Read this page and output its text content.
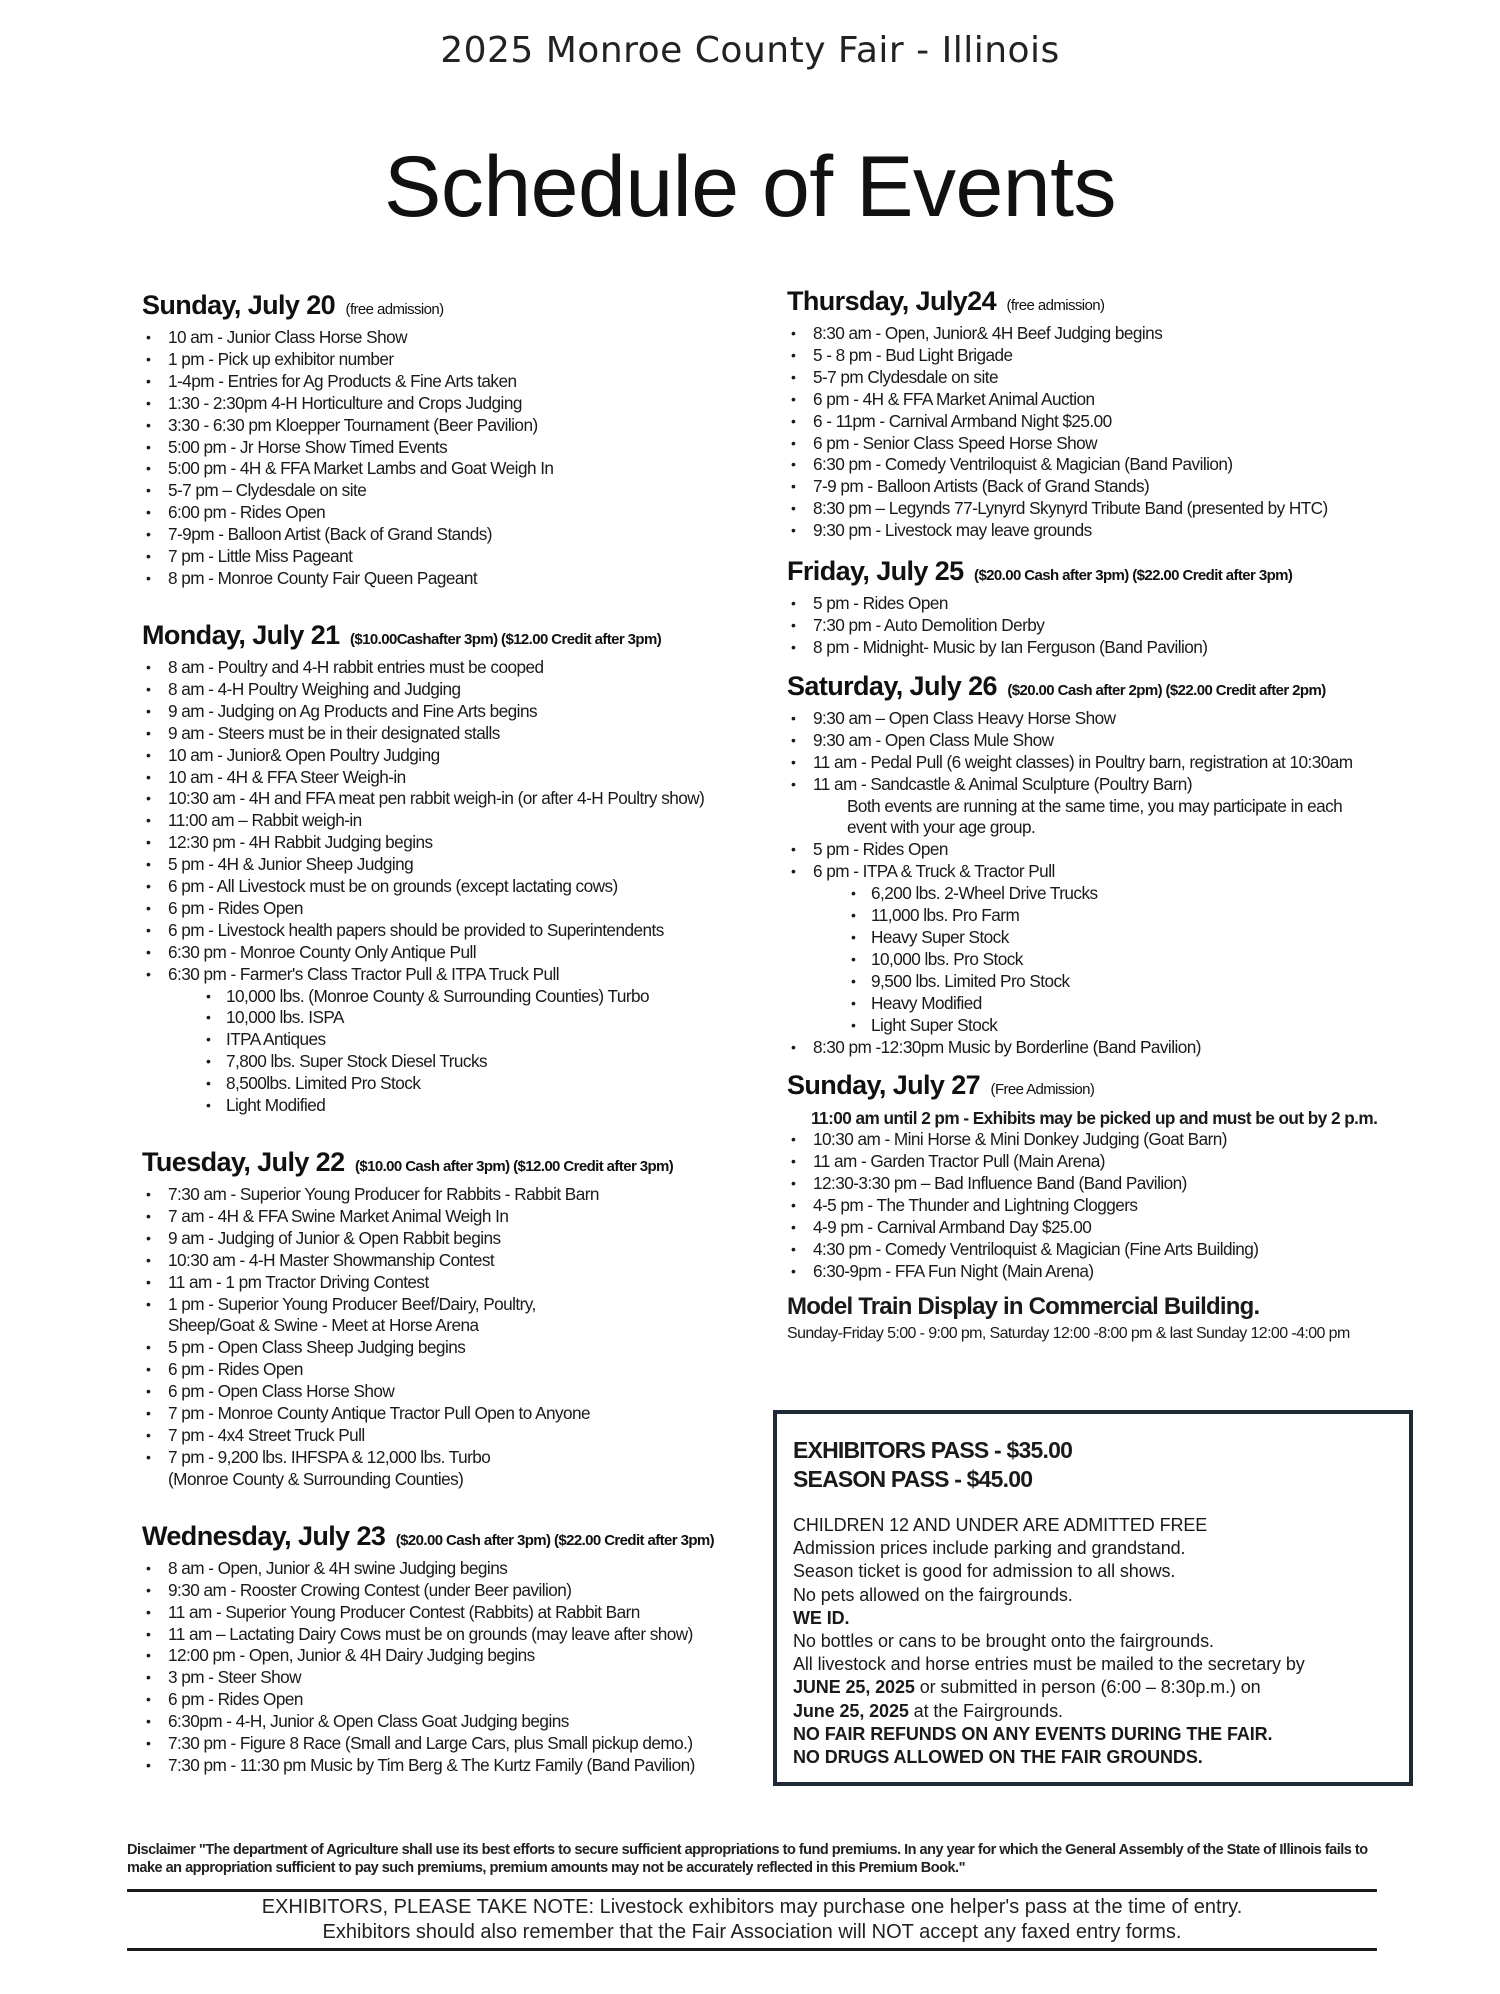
2025 Monroe County Fair - Illinois
Schedule of Events
Sunday, July 20 (free admission)
• 10 am - Junior Class Horse Show
• 1 pm - Pick up exhibitor number
• 1-4pm - Entries for Ag Products & Fine Arts taken
• 1:30 - 2:30pm 4-H Horticulture and Crops Judging
• 3:30 - 6:30 pm Kloepper Tournament (Beer Pavilion)
• 5:00 pm - Jr Horse Show Timed Events
• 5:00 pm - 4H & FFA Market Lambs and Goat Weigh In
• 5-7 pm – Clydesdale on site
• 6:00 pm - Rides Open
• 7-9pm - Balloon Artist (Back of Grand Stands)
• 7 pm - Little Miss Pageant
• 8 pm - Monroe County Fair Queen Pageant
Monday, July 21 ($10.00Cashafter 3pm) ($12.00 Credit after 3pm)
• 8 am - Poultry and 4-H rabbit entries must be cooped
• 8 am - 4-H Poultry Weighing and Judging
• 9 am - Judging on Ag Products and Fine Arts begins
• 9 am - Steers must be in their designated stalls
• 10 am - Junior& Open Poultry Judging
• 10 am - 4H & FFA Steer Weigh-in
• 10:30 am - 4H and FFA meat pen rabbit weigh-in (or after 4-H Poultry show)
• 11:00 am – Rabbit weigh-in
• 12:30 pm - 4H Rabbit Judging begins
• 5 pm - 4H & Junior Sheep Judging
• 6 pm - All Livestock must be on grounds (except lactating cows)
• 6 pm - Rides Open
• 6 pm - Livestock health papers should be provided to Superintendents
• 6:30 pm - Monroe County Only Antique Pull
• 6:30 pm - Farmer's Class Tractor Pull & ITPA Truck Pull
• 10,000 lbs. (Monroe County & Surrounding Counties) Turbo
• 10,000 lbs. ISPA
• ITPA Antiques
• 7,800 lbs. Super Stock Diesel Trucks
• 8,500lbs. Limited Pro Stock
• Light Modified
Tuesday, July 22 ($10.00 Cash after 3pm) ($12.00 Credit after 3pm)
• 7:30 am - Superior Young Producer for Rabbits - Rabbit Barn
• 7 am - 4H & FFA Swine Market Animal Weigh In
• 9 am - Judging of Junior & Open Rabbit begins
• 10:30 am - 4-H Master Showmanship Contest
• 11 am - 1 pm Tractor Driving Contest
• 1 pm - Superior Young Producer Beef/Dairy, Poultry,
Sheep/Goat & Swine - Meet at Horse Arena
• 5 pm - Open Class Sheep Judging begins
• 6 pm - Rides Open
• 6 pm - Open Class Horse Show
• 7 pm - Monroe County Antique Tractor Pull Open to Anyone
• 7 pm - 4x4 Street Truck Pull
• 7 pm - 9,200 lbs. IHFSPA & 12,000 lbs. Turbo
(Monroe County & Surrounding Counties)
Wednesday, July 23 ($20.00 Cash after 3pm) ($22.00 Credit after 3pm)
• 8 am - Open, Junior & 4H swine Judging begins
• 9:30 am - Rooster Crowing Contest (under Beer pavilion)
• 11 am - Superior Young Producer Contest (Rabbits) at Rabbit Barn
• 11 am – Lactating Dairy Cows must be on grounds (may leave after show)
• 12:00 pm - Open, Junior & 4H Dairy Judging begins
• 3 pm - Steer Show
• 6 pm - Rides Open
• 6:30pm - 4-H, Junior & Open Class Goat Judging begins
• 7:30 pm - Figure 8 Race (Small and Large Cars, plus Small pickup demo.)
• 7:30 pm - 11:30 pm Music by Tim Berg & The Kurtz Family (Band Pavilion)
Thursday, July24 (free admission)
• 8:30 am - Open, Junior& 4H Beef Judging begins
• 5 - 8 pm - Bud Light Brigade
• 5-7 pm Clydesdale on site
• 6 pm - 4H & FFA Market Animal Auction
• 6 - 11pm - Carnival Armband Night $25.00
• 6 pm - Senior Class Speed Horse Show
• 6:30 pm - Comedy Ventriloquist & Magician (Band Pavilion)
• 7-9 pm - Balloon Artists (Back of Grand Stands)
• 8:30 pm – Legynds 77-Lynyrd Skynyrd Tribute Band (presented by HTC)
• 9:30 pm - Livestock may leave grounds
Friday, July 25 ($20.00 Cash after 3pm) ($22.00 Credit after 3pm)
• 5 pm - Rides Open
• 7:30 pm - Auto Demolition Derby
• 8 pm - Midnight- Music by Ian Ferguson (Band Pavilion)
Saturday, July 26 ($20.00 Cash after 2pm) ($22.00 Credit after 2pm)
• 9:30 am – Open Class Heavy Horse Show
• 9:30 am - Open Class Mule Show
• 11 am - Pedal Pull (6 weight classes) in Poultry barn, registration at 10:30am
• 11 am - Sandcastle & Animal Sculpture (Poultry Barn)
Both events are running at the same time, you may participate in each
event with your age group.
• 5 pm - Rides Open
• 6 pm - ITPA & Truck & Tractor Pull
• 6,200 lbs. 2-Wheel Drive Trucks
• 11,000 lbs. Pro Farm
• Heavy Super Stock
• 10,000 lbs. Pro Stock
• 9,500 lbs. Limited Pro Stock
• Heavy Modified
• Light Super Stock
• 8:30 pm -12:30pm Music by Borderline (Band Pavilion)
Sunday, July 27 (Free Admission)
11:00 am until 2 pm - Exhibits may be picked up and must be out by 2 p.m.
• 10:30 am - Mini Horse & Mini Donkey Judging (Goat Barn)
• 11 am - Garden Tractor Pull (Main Arena)
• 12:30-3:30 pm – Bad Influence Band (Band Pavilion)
• 4-5 pm - The Thunder and Lightning Cloggers
• 4-9 pm - Carnival Armband Day $25.00
• 4:30 pm - Comedy Ventriloquist & Magician (Fine Arts Building)
• 6:30-9pm - FFA Fun Night (Main Arena)
Model Train Display in Commercial Building.
Sunday-Friday 5:00 - 9:00 pm, Saturday 12:00 -8:00 pm & last Sunday 12:00 -4:00 pm
EXHIBITORS PASS - $35.00
SEASON PASS - $45.00
CHILDREN 12 AND UNDER ARE ADMITTED FREE
Admission prices include parking and grandstand.
Season ticket is good for admission to all shows.
No pets allowed on the fairgrounds.
WE ID.
No bottles or cans to be brought onto the fairgrounds.
All livestock and horse entries must be mailed to the secretary by
JUNE 25, 2025 or submitted in person (6:00 – 8:30p.m.) on
June 25, 2025 at the Fairgrounds.
NO FAIR REFUNDS ON ANY EVENTS DURING THE FAIR.
NO DRUGS ALLOWED ON THE FAIR GROUNDS.
Disclaimer "The department of Agriculture shall use its best efforts to secure sufficient appropriations to fund premiums. In any year for which the General Assembly of the State of Illinois fails to make an appropriation sufficient to pay such premiums, premium amounts may not be accurately reflected in this Premium Book."
EXHIBITORS, PLEASE TAKE NOTE: Livestock exhibitors may purchase one helper's pass at the time of entry.
Exhibitors should also remember that the Fair Association will NOT accept any faxed entry forms.
